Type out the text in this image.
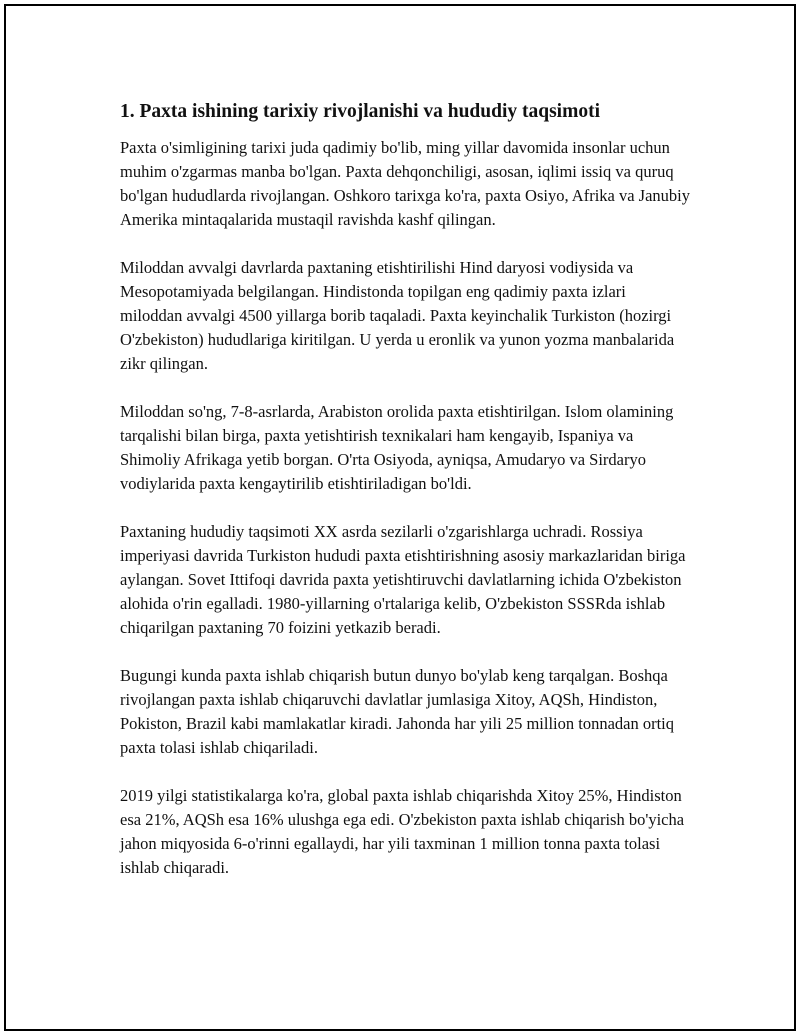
1. Paxta ishining tarixiy rivojlanishi va hududiy taqsimoti

Paxta o'simligining tarixi juda qadimiy bo'lib, ming yillar davomida insonlar uchun muhim o'zgarmas manba bo'lgan. Paxta dehqonchiligi, asosan, iqlimi issiq va quruq bo'lgan hududlarda rivojlangan. Oshkoro tarixga ko'ra, paxta Osiyo, Afrika va Janubiy Amerika mintaqalarida mustaqil ravishda kashf qilingan.

Miloddan avvalgi davrlarda paxtaning etishtirilishi Hind daryosi vodiysida va Mesopotamiyada belgilangan. Hindistonda topilgan eng qadimiy paxta izlari miloddan avvalgi 4500 yillarga borib taqaladi. Paxta keyinchalik Turkiston (hozirgi O'zbekiston) hududlariga kiritilgan. U yerda u eronlik va yunon yozma manbalarida zikr qilingan.

Miloddan so'ng, 7-8-asrlarda, Arabiston orolida paxta etishtirilgan. Islom olamining tarqalishi bilan birga, paxta yetishtirish texnikalari ham kengayib, Ispaniya va Shimoliy Afrikaga yetib borgan. O'rta Osiyoda, ayniqsa, Amudaryo va Sirdaryo vodiylarida paxta kengaytirilib etishtiriladigan bo'ldi.

Paxtaning hududiy taqsimoti XX asrda sezilarli o'zgarishlarga uchradi. Rossiya imperiyasi davrida Turkiston hududi paxta etishtirishning asosiy markazlaridan biriga aylangan. Sovet Ittifoqi davrida paxta yetishtiruvchi davlatlarning ichida O'zbekiston alohida o'rin egalladi. 1980-yillarning o'rtalariga kelib, O'zbekiston SSSRda ishlab chiqarilgan paxtaning 70 foizini yetkazib beradi.

Bugungi kunda paxta ishlab chiqarish butun dunyo bo'ylab keng tarqalgan. Boshqa rivojlangan paxta ishlab chiqaruvchi davlatlar jumlasiga Xitoy, AQSh, Hindiston, Pokiston, Brazil kabi mamlakatlar kiradi. Jahonda har yili 25 million tonnadan ortiq paxta tolasi ishlab chiqariladi.

2019 yilgi statistikalarga ko'ra, global paxta ishlab chiqarishda Xitoy 25%, Hindiston esa 21%, AQSh esa 16% ulushga ega edi. O'zbekiston paxta ishlab chiqarish bo'yicha jahon miqyosida 6-o'rinni egallaydi, har yili taxminan 1 million tonna paxta tolasi ishlab chiqaradi.
